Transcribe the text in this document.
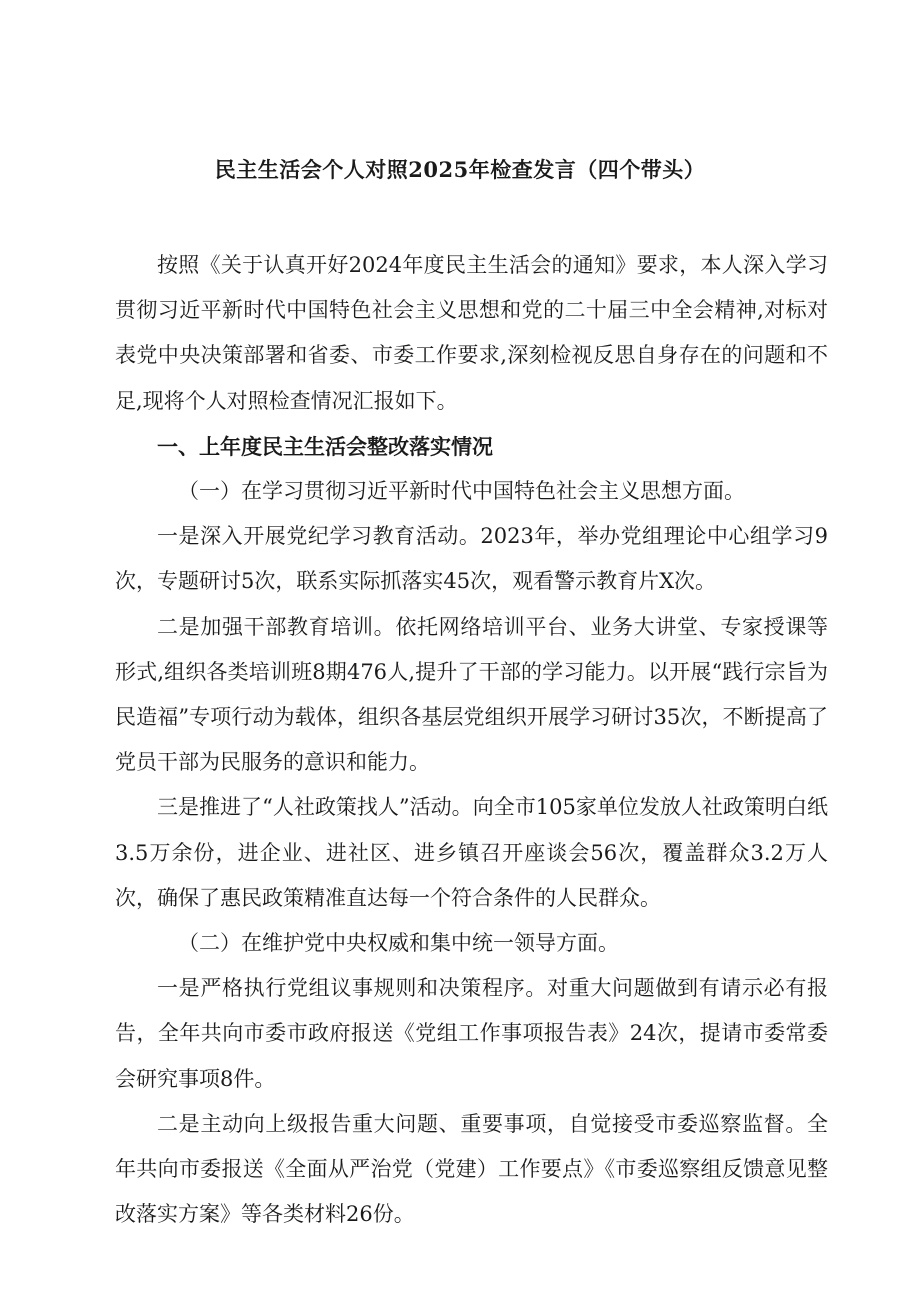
民主生活会个人对照2025年检查发言（四个带头）

按照《关于认真开好2024年度民主生活会的通知》要求，本人深入学习贯彻习近平新时代中国特色社会主义思想和党的二十届三中全会精神,对标对表党中央决策部署和省委、市委工作要求,深刻检视反思自身存在的问题和不足,现将个人对照检查情况汇报如下。

一、上年度民主生活会整改落实情况

（一）在学习贯彻习近平新时代中国特色社会主义思想方面。

一是深入开展党纪学习教育活动。2023年，举办党组理论中心组学习9次，专题研讨5次，联系实际抓落实45次，观看警示教育片X次。

二是加强干部教育培训。依托网络培训平台、业务大讲堂、专家授课等形式,组织各类培训班8期476人,提升了干部的学习能力。以开展“践行宗旨为民造福”专项行动为载体，组织各基层党组织开展学习研讨35次，不断提高了党员干部为民服务的意识和能力。

三是推进了“人社政策找人”活动。向全市105家单位发放人社政策明白纸3.5万余份，进企业、进社区、进乡镇召开座谈会56次，覆盖群众3.2万人次，确保了惠民政策精准直达每一个符合条件的人民群众。

（二）在维护党中央权威和集中统一领导方面。

一是严格执行党组议事规则和决策程序。对重大问题做到有请示必有报告，全年共向市委市政府报送《党组工作事项报告表》24次，提请市委常委会研究事项8件。

二是主动向上级报告重大问题、重要事项，自觉接受市委巡察监督。全年共向市委报送《全面从严治党（党建）工作要点》《市委巡察组反馈意见整改落实方案》等各类材料26份。
